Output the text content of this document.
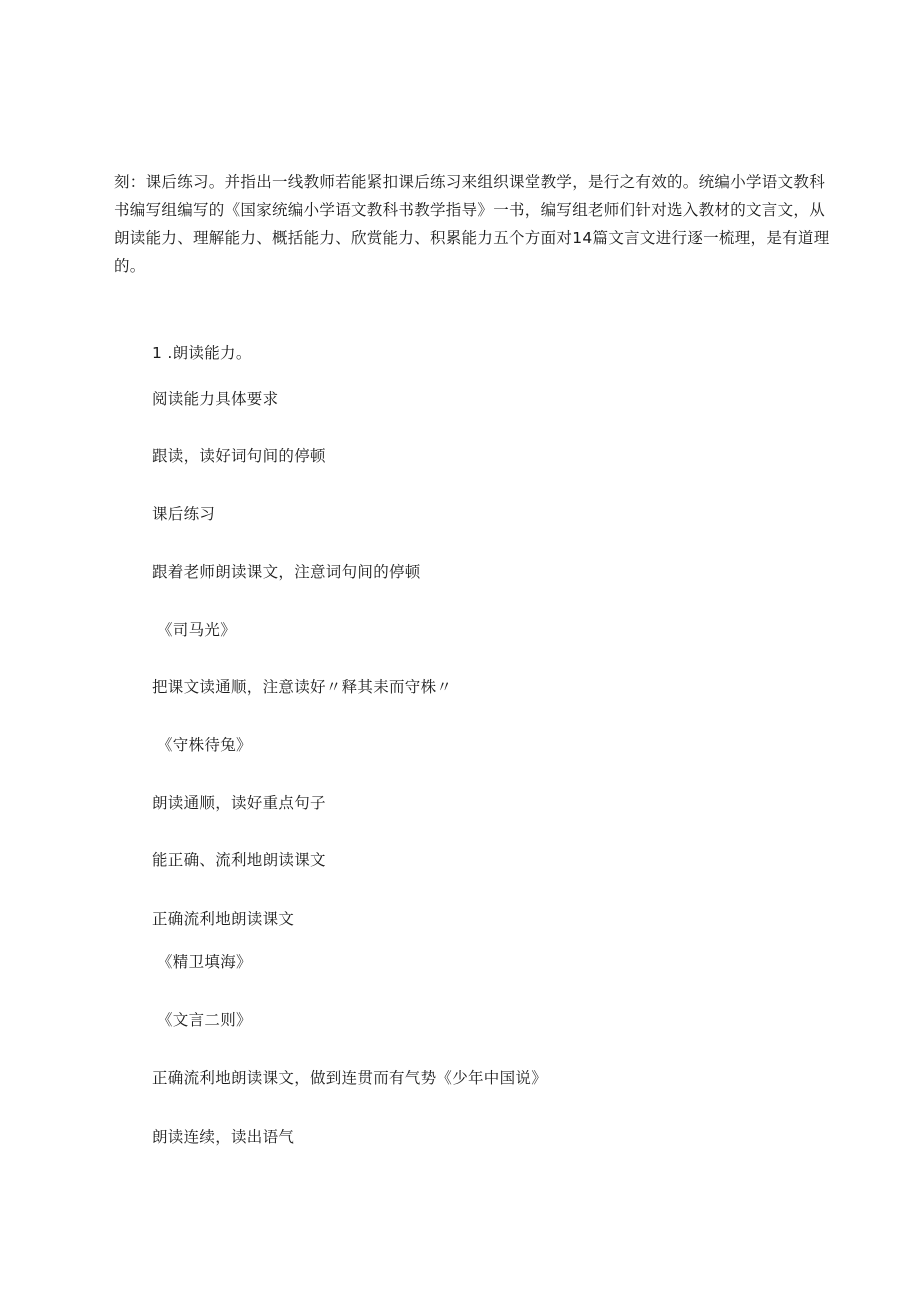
刻：课后练习。并指出一线教师若能紧扣课后练习来组织课堂教学，是行之有效的。统编小学语文教科
书编写组编写的《国家统编小学语文教科书教学指导》一书，编写组老师们针对选入教材的文言文，从
朗读能力、理解能力、概括能力、欣赏能力、积累能力五个方面对14篇文言文进行逐一梳理，是有道理
的。
1 .朗读能力。
阅读能力具体要求
跟读，读好词句间的停顿
课后练习
跟着老师朗读课文，注意词句间的停顿
《司马光》
把课文读通顺，注意读好〃释其耒而守株〃
《守株待兔》
朗读通顺，读好重点句子
能正确、流利地朗读课文
正确流利地朗读课文
《精卫填海》
《文言二则》
正确流利地朗读课文，做到连贯而有气势《少年中国说》
朗读连续，读出语气
